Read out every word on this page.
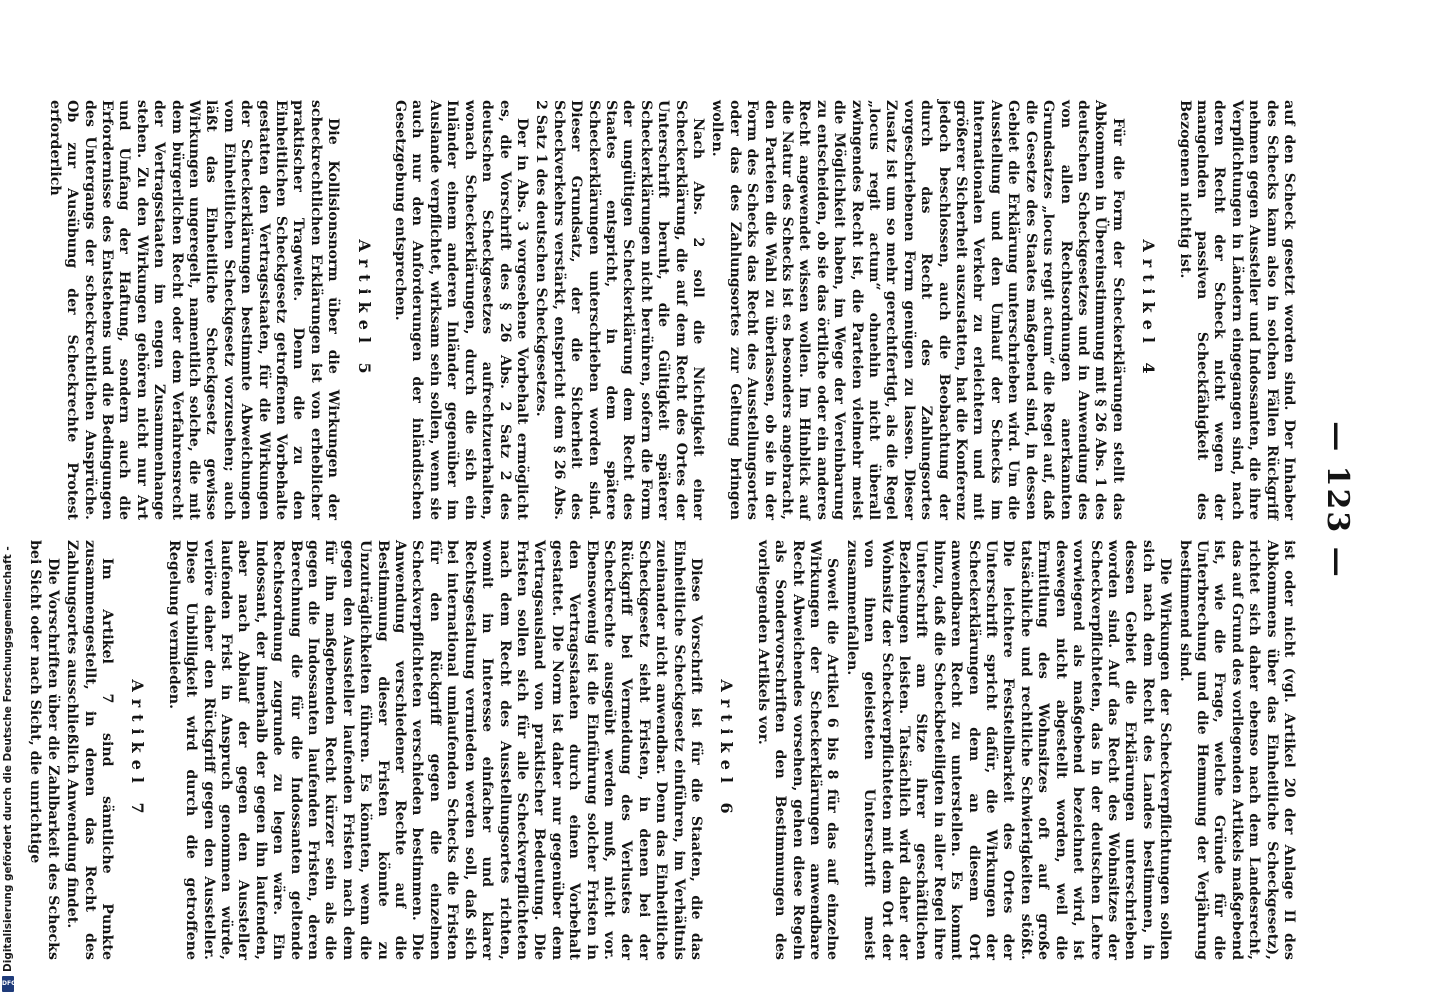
Digitalisierung gefördert durch die Deutsche Forschungsgemeinschaft -
DFG
— 123 —

auf den Scheck gesetzt worden sind. Der Inhaber des Schecks kann also in solchen Fällen Rückgriff nehmen gegen Aussteller und Indossanten, die ihre Verpflichtungen in Ländern eingegangen sind, nach deren Recht der Scheck nicht wegen der mangelnden passiven Scheckfähigkeit des Bezogenen nichtig ist.

Artikel 4

Für die Form der Scheckerklärungen stellt das Abkommen in Übereinstimmung mit § 26 Abs. 1 des deutschen Scheckgesetzes und in Anwendung des von allen Rechtsordnungen anerkannten Grundsatzes „locus regit actum“ die Regel auf, daß die Gesetze des Staates maßgebend sind, in dessen Gebiet die Erklärung unterschrieben wird. Um die Ausstellung und den Umlauf der Schecks im internationalen Verkehr zu erleichtern und mit größerer Sicherheit auszustatten, hat die Konferenz jedoch beschlossen, auch die Beobachtung der durch das Recht des Zahlungsortes vorgeschriebenen Form genügen zu lassen. Dieser Zusatz ist um so mehr gerechtfertigt, als die Regel „locus regit actum“ ohnehin nicht überall zwingendes Recht ist, die Parteien vielmehr meist die Möglichkeit haben, im Wege der Vereinbarung zu entscheiden, ob sie das örtliche oder ein anderes Recht angewendet wissen wollen. Im Hinblick auf die Natur des Schecks ist es besonders angebracht, den Parteien die Wahl zu überlassen, ob sie in der Form des Schecks das Recht des Ausstellungsortes oder das des Zahlungsortes zur Geltung bringen wollen.

Nach Abs. 2 soll die Nichtigkeit einer Scheckerklärung, die auf dem Recht des Ortes der Unterschrift beruht, die Gültigkeit späterer Scheckerklärungen nicht berühren, sofern die Form der ungültigen Scheckerklärung dem Recht des Staates entspricht, in dem spätere Scheckerklärungen unterschrieben worden sind. Dieser Grundsatz, der die Sicherheit des Scheckverkehrs verstärkt, entspricht dem § 26 Abs. 2 Satz 1 des deutschen Scheckgesetzes.

Der in Abs. 3 vorgesehene Vorbehalt ermöglicht es, die Vorschrift des § 26 Abs. 2 Satz 2 des deutschen Scheckgesetzes aufrechtzuerhalten, wonach Scheckerklärungen, durch die sich ein Inländer einem anderen Inländer gegenüber im Auslande verpflichtet, wirksam sein sollen, wenn sie auch nur den Anforderungen der inländischen Gesetzgebung entsprechen.

Artikel 5

Die Kollisionsnorm über die Wirkungen der scheckrechtlichen Erklärungen ist von erheblicher praktischer Tragweite. Denn die zu den Einheitlichen Scheckgesetz getroffenen Vorbehalte gestatten den Vertragsstaaten, für die Wirkungen der Scheckerklärungen bestimmte Abweichungen vom Einheitlichen Scheckgesetz vorzusehen; auch läßt das Einheitliche Scheckgesetz gewisse Wirkungen ungeregelt, namentlich solche, die mit dem bürgerlichen Recht oder dem Verfahrensrecht der Vertragsstaaten im engen Zusammenhange stehen. Zu den Wirkungen gehören nicht nur Art und Umfang der Haftung, sondern auch die Erfordernisse des Entstehens und die Bedingungen des Untergangs der scheckrechtlichen Ansprüche. Ob zur Ausübung der Scheckrechte Protest erforderlich

ist oder nicht (vgl. Artikel 20 der Anlage II des Abkommens über das Einheitliche Scheckgesetz), richtet sich daher ebenso nach dem Landesrecht, das auf Grund des vorliegenden Artikels maßgebend ist, wie die Frage, welche Gründe für die Unterbrechung und die Hemmung der Verjährung bestimmend sind.

Die Wirkungen der Scheckverpflichtungen sollen sich nach dem Recht des Landes bestimmen, in dessen Gebiet die Erklärungen unterschrieben worden sind. Auf das Recht des Wohnsitzes der Scheckverpflichteten, das in der deutschen Lehre vorwiegend als maßgebend bezeichnet wird, ist deswegen nicht abgestellt worden, weil die Ermittlung des Wohnsitzes oft auf große tatsächliche und rechtliche Schwierigkeiten stößt. Die leichtere Feststellbarkeit des Ortes der Unterschrift spricht dafür, die Wirkungen der Scheckerklärungen dem an diesem Ort anwendbaren Recht zu unterstellen. Es kommt hinzu, daß die Scheckbeteiligten in aller Regel ihre Unterschrift am Sitze ihrer geschäftlichen Beziehungen leisten. Tatsächlich wird daher der Wohnsitz der Scheckverpflichteten mit dem Ort der von ihnen geleisteten Unterschrift meist zusammenfallen.

Soweit die Artikel 6 bis 8 für das auf einzelne Wirkungen der Scheckerklärungen anwendbare Recht Abweichendes vorsehen, gehen diese Regeln als Sondervorschriften den Bestimmungen des vorliegenden Artikels vor.

Artikel 6

Diese Vorschrift ist für die Staaten, die das Einheitliche Scheckgesetz einführen, im Verhältnis zueinander nicht anwendbar. Denn das Einheitliche Scheckgesetz sieht Fristen, in denen bei der Rückgriff bei Vermeidung des Verlustes der Scheckrechte ausgeübt werden muß, nicht vor. Ebensowenig ist die Einführung solcher Fristen in den Vertragsstaaten durch einen Vorbehalt gestattet. Die Norm ist daher nur gegenüber dem Vertragsausland von praktischer Bedeutung. Die Fristen sollen sich für alle Scheckverpflichteten nach dem Recht des Ausstellungsortes richten, womit im Interesse einfacher und klarer Rechtsgestaltung vermieden werden soll, daß sich bei international umlaufenden Schecks die Fristen für den Rückgriff gegen die einzelnen Scheckverpflichteten verschieden bestimmen. Die Anwendung verschiedener Rechte auf die Bestimmung dieser Fristen könnte zu Unzuträglichkeiten führen. Es könnten, wenn die gegen den Aussteller laufenden Fristen nach dem für ihn maßgebenden Recht kürzer sein als die gegen die Indossanten laufenden Fristen, deren Berechnung die für die Indossanten geltende Rechtsordnung zugrunde zu legen wäre. Ein Indossant, der innerhalb der gegen ihn laufenden, aber nach Ablauf der gegen den Aussteller laufenden Frist in Anspruch genommen würde, verlöre daher den Rückgriff gegen den Aussteller. Diese Unbilligkeit wird durch die getroffene Regelung vermieden.

Artikel 7

Im Artikel 7 sind sämtliche Punkte zusammengestellt, in denen das Recht des Zahlungsortes ausschließlich Anwendung findet.

Die Vorschriften über die Zahlbarkeit des Schecks bei Sicht oder nach Sicht, die unrichtige
